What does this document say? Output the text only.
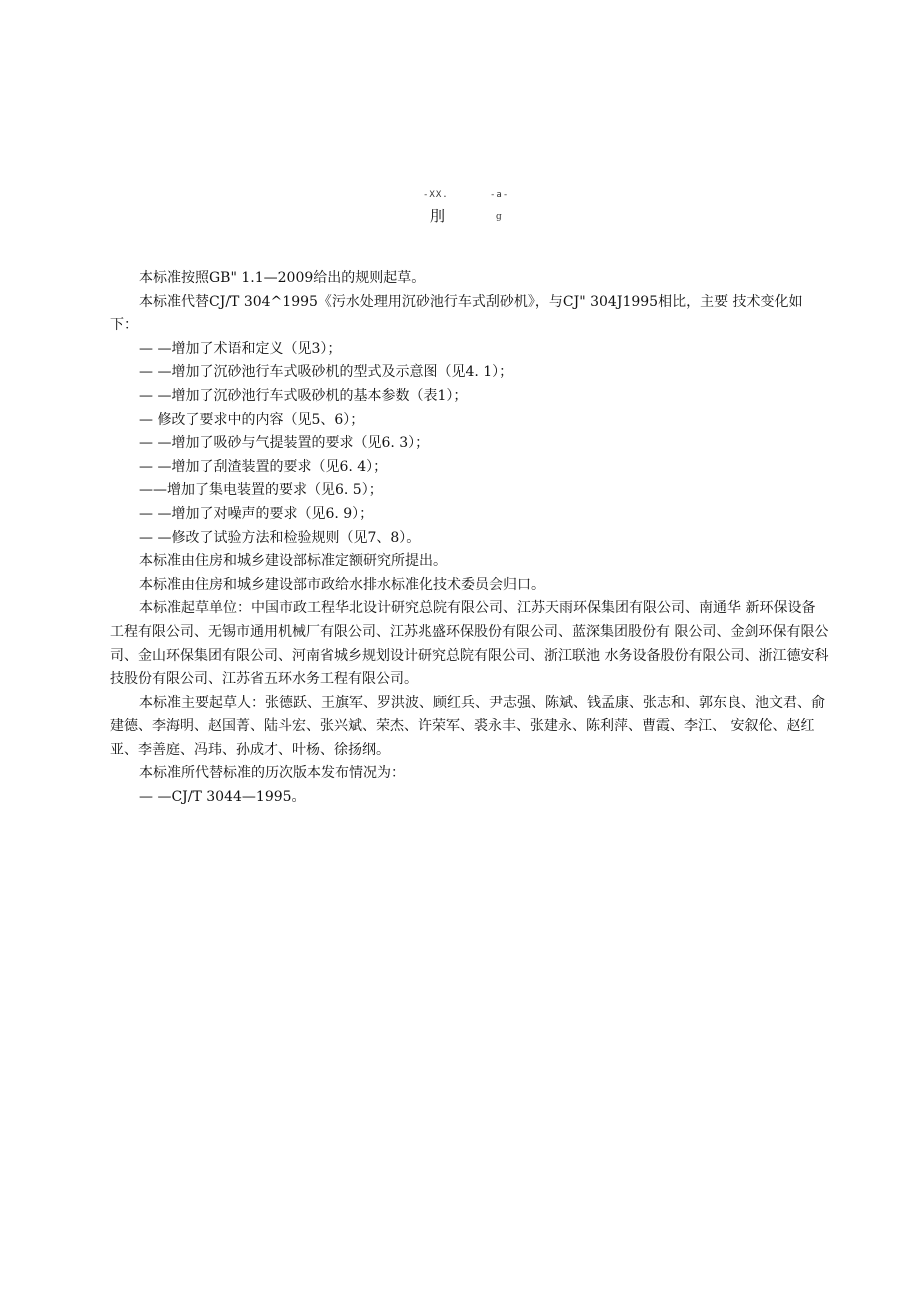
-XX.	-a-
刖	g

本标准按照GB" 1.1—2009给出的规则起草。

本标准代替CJ/T 304^1995《污水处理用沉砂池行车式刮砂机》，与CJ" 304J1995相比，主要 技术变化如下：

— —增加了术语和定义（见3）；
— —增加了沉砂池行车式吸砂机的型式及示意图（见4. 1）；
— —增加了沉砂池行车式吸砂机的基本参数（表1）；
— 修改了要求中的内容（见5、6）；
— —增加了吸砂与气提装置的要求（见6. 3）；
— —增加了刮渣装置的要求（见6. 4）；
——增加了集电装置的要求（见6. 5）；
— —增加了对噪声的要求（见6. 9）；
— —修改了试验方法和检验规则（见7、8）。

本标准由住房和城乡建设部标准定额研究所提出。

本标准由住房和城乡建设部市政给水排水标准化技术委员会归口。

本标准起草单位：中国市政工程华北设计研究总院有限公司、江苏天雨环保集团有限公司、南通华 新环保设备工程有限公司、无锡市通用机械厂有限公司、江苏兆盛环保股份有限公司、蓝深集团股份有 限公司、金剑环保有限公司、金山环保集团有限公司、河南省城乡规划设计研究总院有限公司、浙江联池 水务设备股份有限公司、浙江德安科技股份有限公司、江苏省五环水务工程有限公司。

本标准主要起草人：张德跃、王旗军、罗洪波、顾红兵、尹志强、陈斌、钱孟康、张志和、郭东良、池文君、俞建德、李海明、赵国菁、陆斗宏、张兴斌、荣杰、许荣军、裘永丰、张建永、陈利萍、曹霞、李江、 安叙伦、赵红亚、李善庭、冯玮、孙成才、叶杨、徐扬纲。

本标准所代替标准的历次版本发布情况为：

— —CJ/T 3044—1995。
